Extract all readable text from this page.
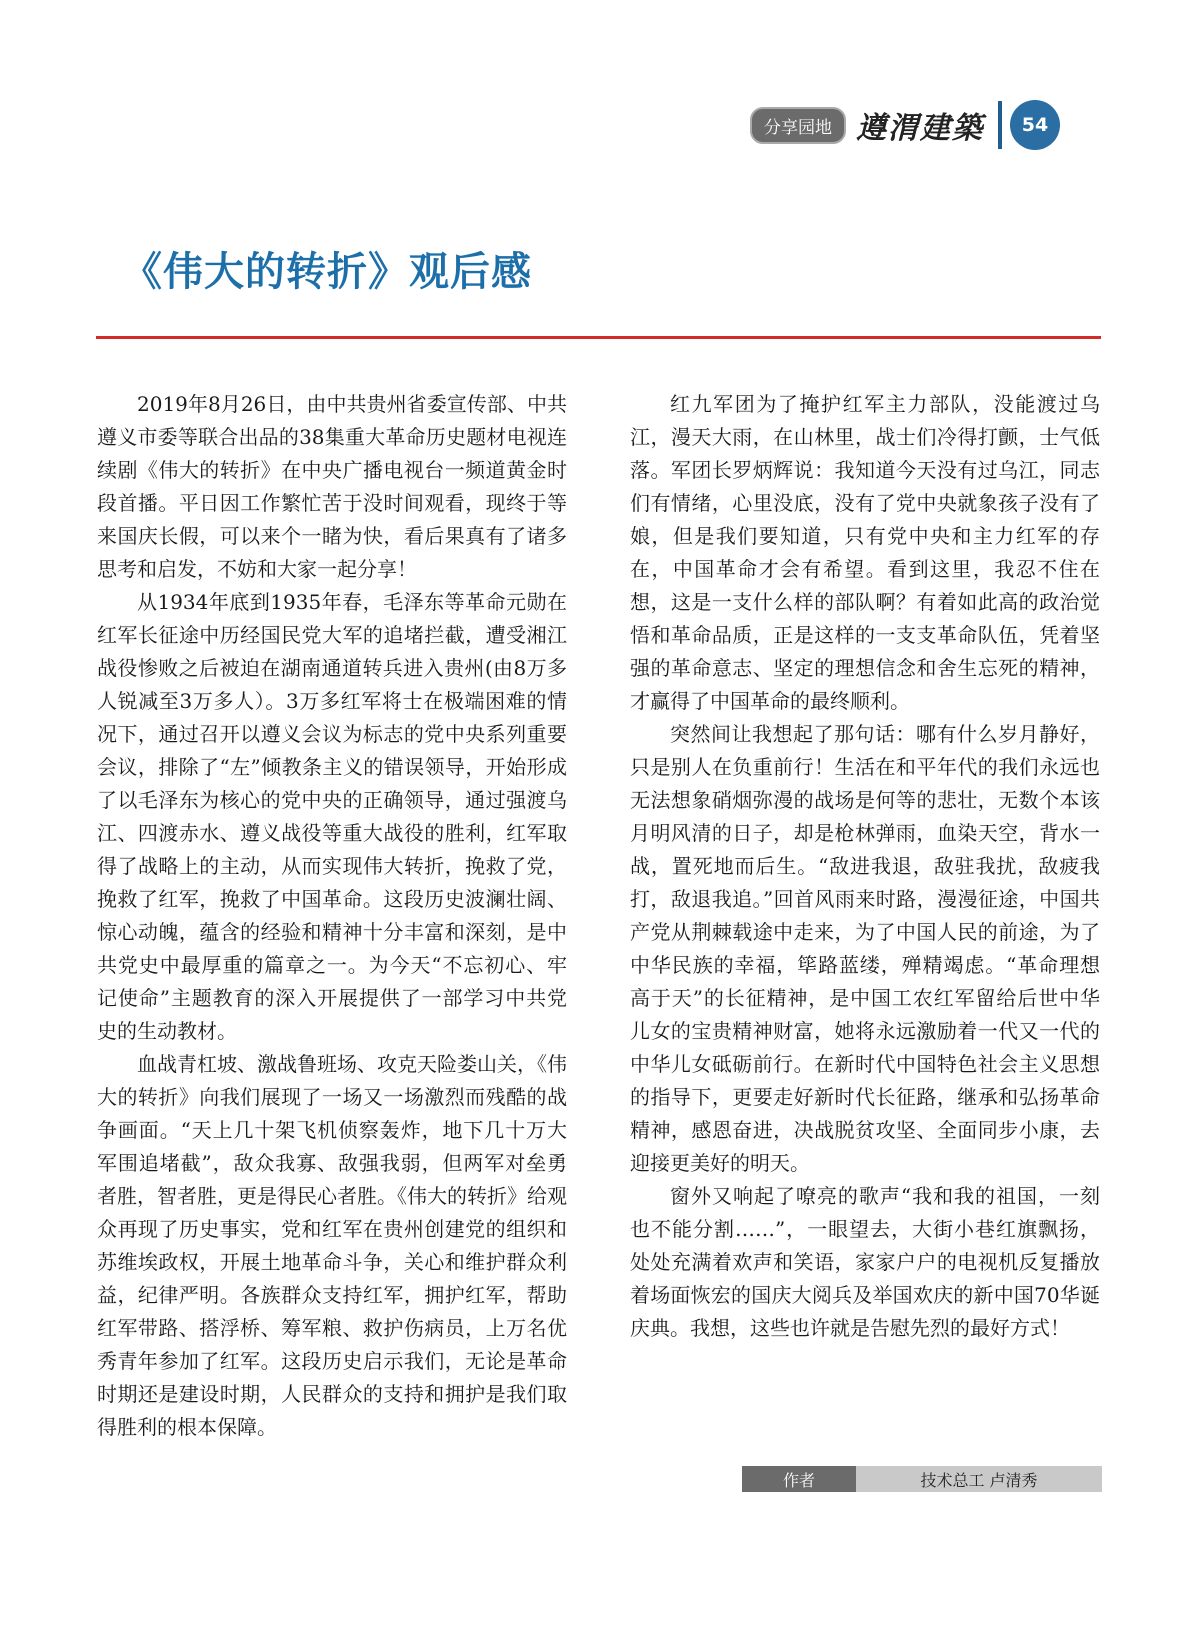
分享园地 遵渭建築	54
《伟大的转折》观后感

2019年8月26日，由中共贵州省委宣传部、中共遵义市委等联合出品的38集重大革命历史题材电视连续剧《伟大的转折》在中央广播电视台一频道黄金时段首播。平日因工作繁忙苦于没时间观看，现终于等来国庆长假，可以来个一睹为快，看后果真有了诸多思考和启发，不妨和大家一起分享！

从1934年底到1935年春，毛泽东等革命元勋在红军长征途中历经国民党大军的追堵拦截，遭受湘江战役惨败之后被迫在湖南通道转兵进入贵州(由8万多人锐减至3万多人）。3万多红军将士在极端困难的情况下，通过召开以遵义会议为标志的党中央系列重要会议，排除了“左”倾教条主义的错误领导，开始形成了以毛泽东为核心的党中央的正确领导，通过强渡乌江、四渡赤水、遵义战役等重大战役的胜利，红军取得了战略上的主动，从而实现伟大转折，挽救了党，挽救了红军，挽救了中国革命。这段历史波澜壮阔、惊心动魄，蕴含的经验和精神十分丰富和深刻，是中共党史中最厚重的篇章之一。为今天“不忘初心、牢记使命”主题教育的深入开展提供了一部学习中共党史的生动教材。

血战青杠坡、激战鲁班场、攻克天险娄山关，《伟大的转折》向我们展现了一场又一场激烈而残酷的战争画面。“天上几十架飞机侦察轰炸，地下几十万大军围追堵截”，敌众我寡、敌强我弱，但两军对垒勇者胜，智者胜，更是得民心者胜。《伟大的转折》给观众再现了历史事实，党和红军在贵州创建党的组织和苏维埃政权，开展土地革命斗争，关心和维护群众利益，纪律严明。各族群众支持红军，拥护红军，帮助红军带路、搭浮桥、筹军粮、救护伤病员，上万名优秀青年参加了红军。这段历史启示我们，无论是革命时期还是建设时期，人民群众的支持和拥护是我们取得胜利的根本保障。

红九军团为了掩护红军主力部队，没能渡过乌江，漫天大雨，在山林里，战士们冷得打颤，士气低落。军团长罗炳辉说：我知道今天没有过乌江，同志们有情绪，心里没底，没有了党中央就象孩子没有了娘，但是我们要知道，只有党中央和主力红军的存在，中国革命才会有希望。看到这里，我忍不住在想，这是一支什么样的部队啊？有着如此高的政治觉悟和革命品质，正是这样的一支支革命队伍，凭着坚强的革命意志、坚定的理想信念和舍生忘死的精神，才赢得了中国革命的最终顺利。

突然间让我想起了那句话：哪有什么岁月静好，只是别人在负重前行！生活在和平年代的我们永远也无法想象硝烟弥漫的战场是何等的悲壮，无数个本该月明风清的日子，却是枪林弹雨，血染天空，背水一战，置死地而后生。“敌进我退，敌驻我扰，敌疲我打，敌退我追。”回首风雨来时路，漫漫征途，中国共产党从荆棘载途中走来，为了中国人民的前途，为了中华民族的幸福，筚路蓝缕，殚精竭虑。“革命理想高于天”的长征精神，是中国工农红军留给后世中华儿女的宝贵精神财富，她将永远激励着一代又一代的中华儿女砥砺前行。在新时代中国特色社会主义思想的指导下，更要走好新时代长征路，继承和弘扬革命精神，感恩奋进，决战脱贫攻坚、全面同步小康，去迎接更美好的明天。

窗外又响起了嘹亮的歌声“我和我的祖国，一刻也不能分割……”，一眼望去，大街小巷红旗飘扬，处处充满着欢声和笑语，家家户户的电视机反复播放着场面恢宏的国庆大阅兵及举国欢庆的新中国70华诞庆典。我想，这些也许就是告慰先烈的最好方式！

作者	技术总工 卢清秀
